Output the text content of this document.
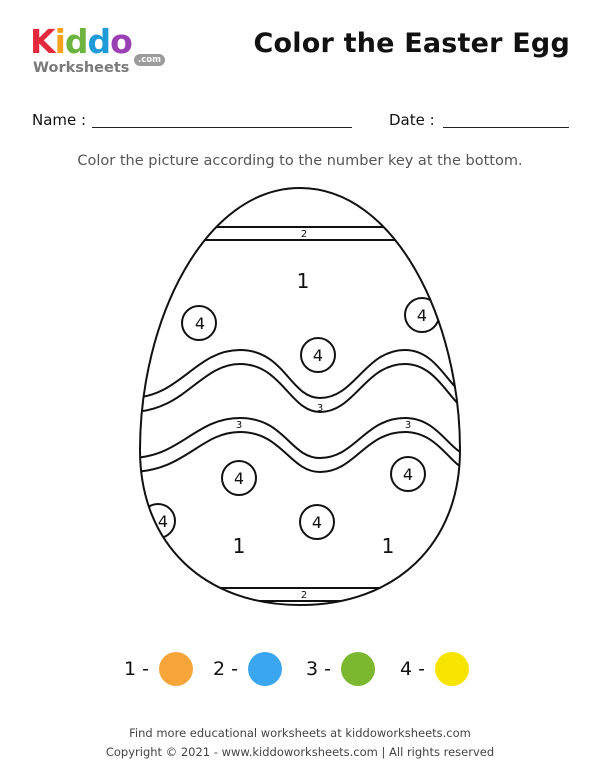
Kiddo
Worksheets	.com
Color the Easter Egg
Name :	Date :
Color the picture according to the number key at the bottom.
2
2
3
3	3
1
1	1
4	4
4
4	4
4
4
1 -	2 -	3 -	4 -
Find more educational worksheets at kiddoworksheets.com
Copyright © 2021 - www.kiddoworksheets.com | All rights reserved
